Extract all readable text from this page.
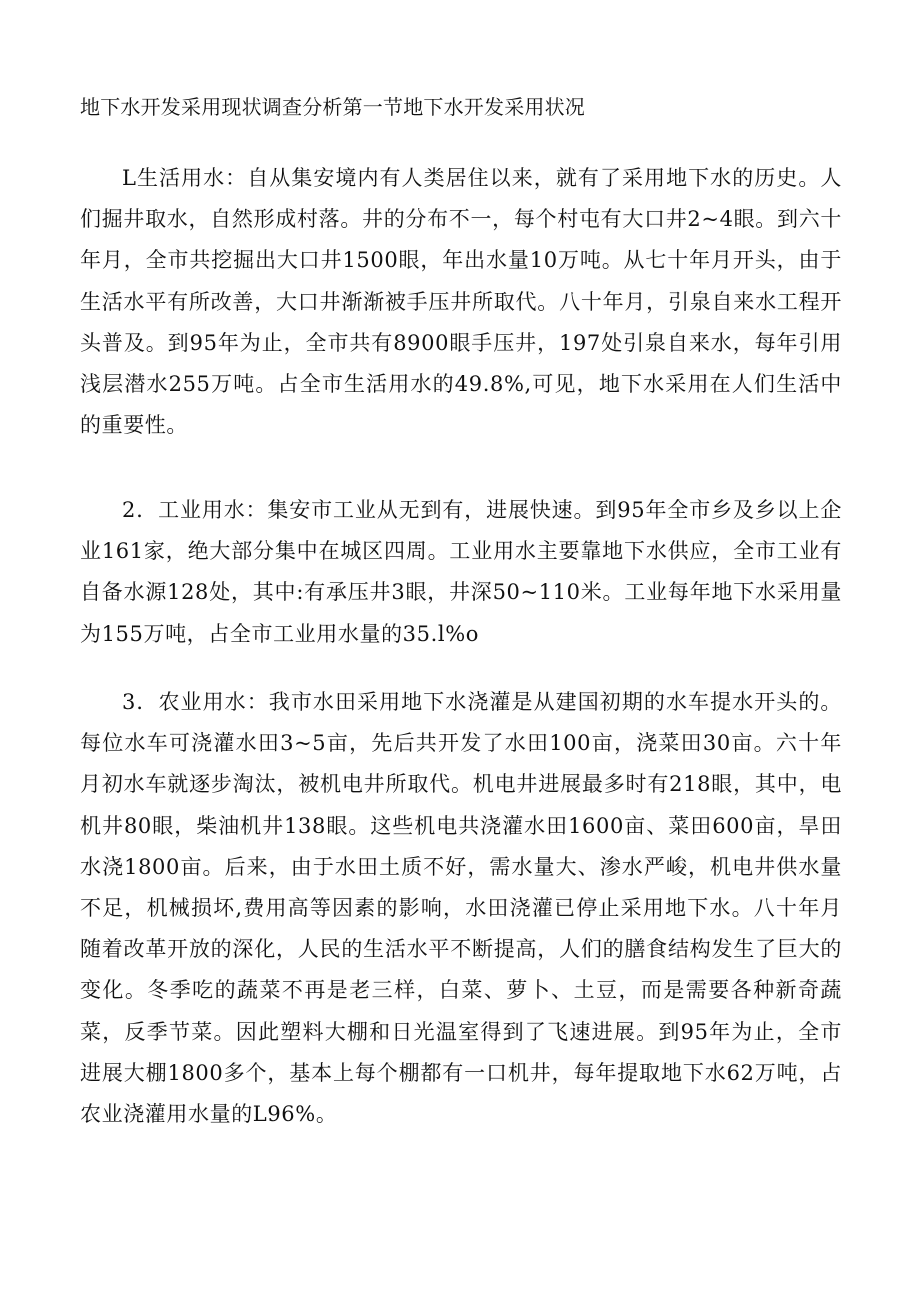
地下水开发采用现状调查分析第一节地下水开发采用状况

L生活用水：自从集安境内有人类居住以来，就有了采用地下水的历史。人们掘井取水，自然形成村落。井的分布不一，每个村屯有大口井2~4眼。到六十年月，全市共挖掘出大口井1500眼，年出水量10万吨。从七十年月开头，由于生活水平有所改善，大口井渐渐被手压井所取代。八十年月，引泉自来水工程开头普及。到95年为止，全市共有8900眼手压井，197处引泉自来水，每年引用浅层潜水255万吨。占全市生活用水的49.8%,可见，地下水采用在人们生活中的重要性。

2．工业用水：集安市工业从无到有，进展快速。到95年全市乡及乡以上企业161家，绝大部分集中在城区四周。工业用水主要靠地下水供应，全市工业有自备水源128处，其中:有承压井3眼，井深50~110米。工业每年地下水采用量为155万吨，占全市工业用水量的35.l%o

3．农业用水：我市水田采用地下水浇灌是从建国初期的水车提水开头的。每位水车可浇灌水田3~5亩，先后共开发了水田100亩，浇菜田30亩。六十年月初水车就逐步淘汰，被机电井所取代。机电井进展最多时有218眼，其中，电机井80眼，柴油机井138眼。这些机电共浇灌水田1600亩、菜田600亩，旱田水浇1800亩。后来，由于水田土质不好，需水量大、渗水严峻，机电井供水量不足，机械损坏,费用高等因素的影响，水田浇灌已停止采用地下水。八十年月随着改革开放的深化，人民的生活水平不断提高，人们的膳食结构发生了巨大的变化。冬季吃的蔬菜不再是老三样，白菜、萝卜、土豆，而是需要各种新奇蔬菜，反季节菜。因此塑料大棚和日光温室得到了飞速进展。到95年为止，全市进展大棚1800多个，基本上每个棚都有一口机井，每年提取地下水62万吨，占农业浇灌用水量的L96%。
